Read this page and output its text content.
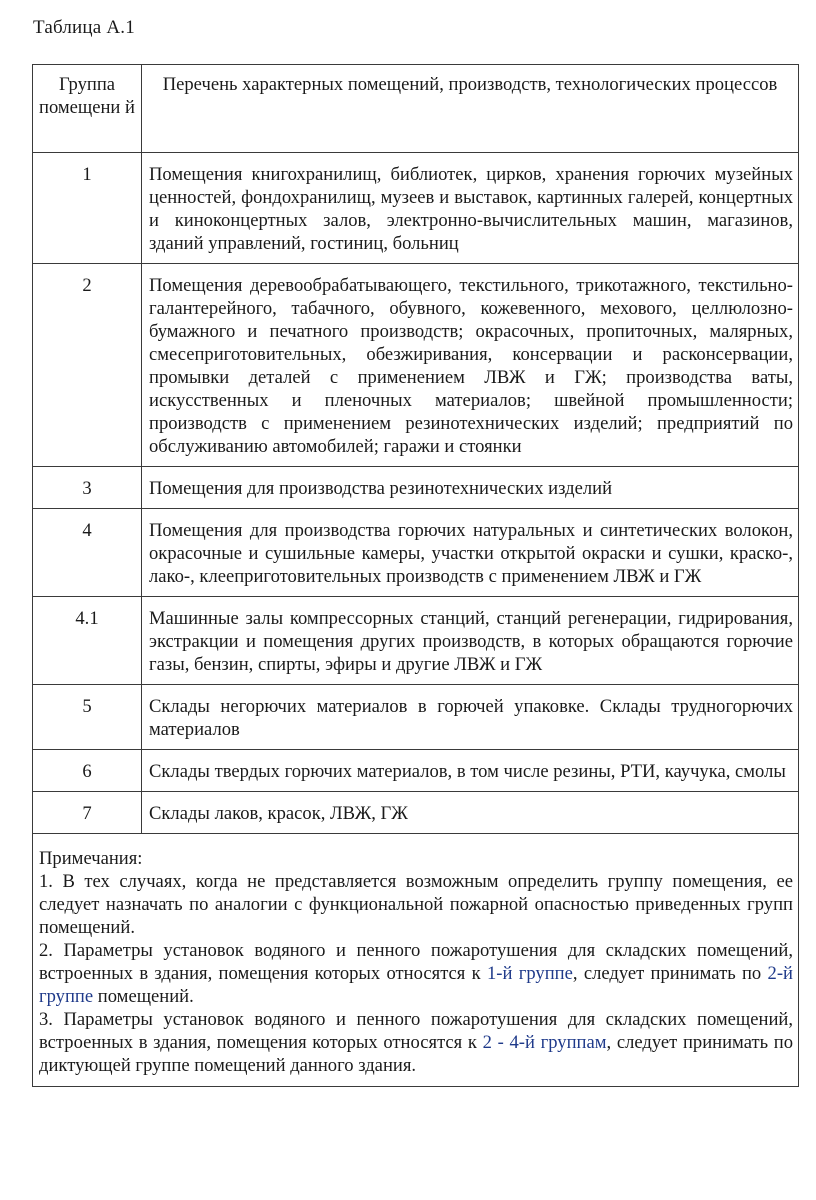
Таблица А.1
Группа помещени й	Перечень характерных помещений, производств, технологических процессов
1	Помещения книгохранилищ, библиотек, цирков, хранения горючих музейных ценностей, фондохранилищ, музеев и выставок, картинных галерей, концертных и киноконцертных залов, электронно-вычислительных машин, магазинов, зданий управлений, гостиниц, больниц
2	Помещения деревообрабатывающего, текстильного, трикотажного, текстильно-галантерейного, табачного, обувного, кожевенного, мехового, целлюлозно-бумажного и печатного производств; окрасочных, пропиточных, малярных, смесеприготовительных, обезжиривания, консервации и расконсервации, промывки деталей с применением ЛВЖ и ГЖ; производства ваты, искусственных и пленочных материалов; швейной промышленности; производств с применением резинотехнических изделий; предприятий по обслуживанию автомобилей; гаражи и стоянки
3	Помещения для производства резинотехнических изделий
4	Помещения для производства горючих натуральных и синтетических волокон, окрасочные и сушильные камеры, участки открытой окраски и сушки, краско-, лако-, клееприготовительных производств с применением ЛВЖ и ГЖ
4.1	Машинные залы компрессорных станций, станций регенерации, гидрирования, экстракции и помещения других производств, в которых обращаются горючие газы, бензин, спирты, эфиры и другие ЛВЖ и ГЖ
5	Склады негорючих материалов в горючей упаковке. Склады трудногорючих материалов
6	Склады твердых горючих материалов, в том числе резины, РТИ, каучука, смолы
7	Склады лаков, красок, ЛВЖ, ГЖ

Примечания:
1. В тех случаях, когда не представляется возможным определить группу помещения, ее следует назначать по аналогии с функциональной пожарной опасностью приведенных групп помещений.
2. Параметры установок водяного и пенного пожаротушения для складских помещений, встроенных в здания, помещения которых относятся к 1-й группе, следует принимать по 2-й группе помещений.
3. Параметры установок водяного и пенного пожаротушения для складских помещений, встроенных в здания, помещения которых относятся к 2 - 4-й группам, следует принимать по диктующей группе помещений данного здания.	
